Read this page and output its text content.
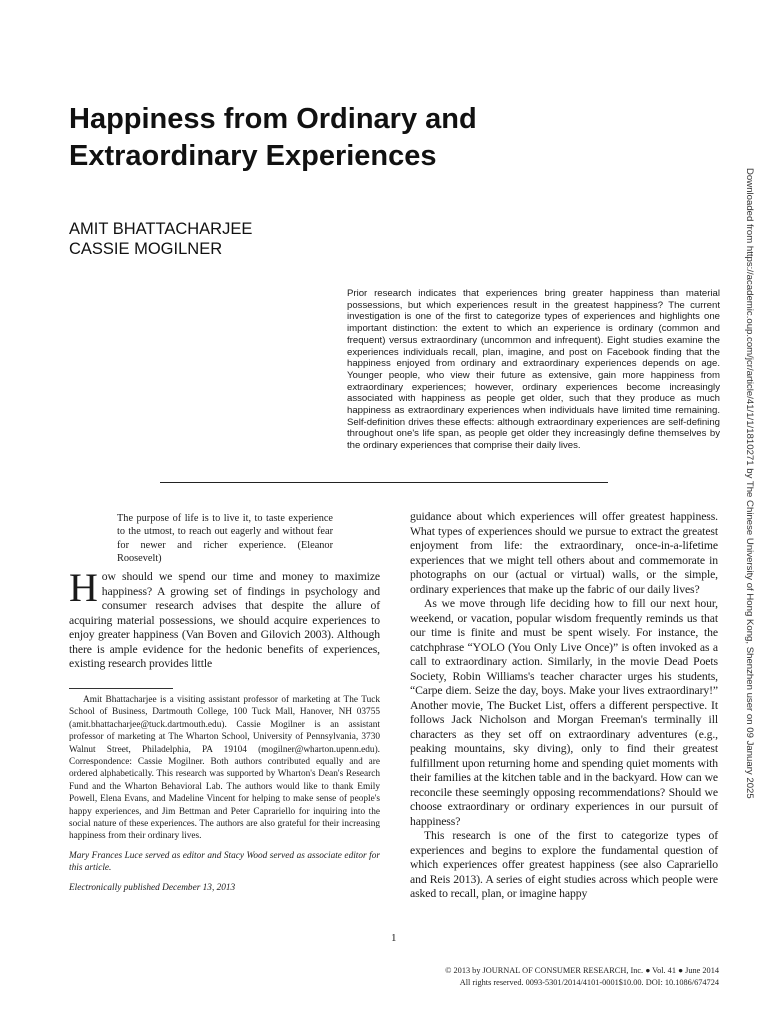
Happiness from Ordinary and
Extraordinary Experiences
AMIT BHATTACHARJEE
CASSIE MOGILNER

Prior research indicates that experiences bring greater happiness than material possessions, but which experiences result in the greatest happiness? The current investigation is one of the first to categorize types of experiences and highlights one important distinction: the extent to which an experience is ordinary (common and frequent) versus extraordinary (uncommon and infrequent). Eight studies examine the experiences individuals recall, plan, imagine, and post on Facebook finding that the happiness enjoyed from ordinary and extraordinary experiences depends on age. Younger people, who view their future as extensive, gain more happiness from extraordinary experiences; however, ordinary experiences become increasingly associated with happiness as people get older, such that they produce as much happiness as extraordinary experiences when individuals have limited time remaining. Self-definition drives these effects: although extraordinary experiences are self-defining throughout one's life span, as people get older they increasingly define themselves by the ordinary experiences that comprise their daily lives.

The purpose of life is to live it, to taste experience to the utmost, to reach out eagerly and without fear for newer and richer experience. (Eleanor Roosevelt)

How should we spend our time and money to maximize happiness? A growing set of findings in psychology and consumer research advises that despite the allure of acquiring material possessions, we should acquire experiences to enjoy greater happiness (Van Boven and Gilovich 2003). Although there is ample evidence for the hedonic benefits of experiences, existing research provides little

Amit Bhattacharjee is a visiting assistant professor of marketing at The Tuck School of Business, Dartmouth College, 100 Tuck Mall, Hanover, NH 03755 (amit.bhattacharjee@tuck.dartmouth.edu). Cassie Mogilner is an assistant professor of marketing at The Wharton School, University of Pennsylvania, 3730 Walnut Street, Philadelphia, PA 19104 (mogilner@wharton.upenn.edu). Correspondence: Cassie Mogilner. Both authors contributed equally and are ordered alphabetically. This research was supported by Wharton's Dean's Research Fund and the Wharton Behavioral Lab. The authors would like to thank Emily Powell, Elena Evans, and Madeline Vincent for helping to make sense of people's happy experiences, and Jim Bettman and Peter Caprariello for inquiring into the social nature of these experiences. The authors are also grateful for their increasing happiness from their ordinary lives.

Mary Frances Luce served as editor and Stacy Wood served as associate editor for this article.

Electronically published December 13, 2013

guidance about which experiences will offer greatest happiness. What types of experiences should we pursue to extract the greatest enjoyment from life: the extraordinary, once-in-a-lifetime experiences that we might tell others about and commemorate in photographs on our (actual or virtual) walls, or the simple, ordinary experiences that make up the fabric of our daily lives?

As we move through life deciding how to fill our next hour, weekend, or vacation, popular wisdom frequently reminds us that our time is finite and must be spent wisely. For instance, the catchphrase “YOLO (You Only Live Once)” is often invoked as a call to extraordinary action. Similarly, in the movie Dead Poets Society, Robin Williams's teacher character urges his students, “Carpe diem. Seize the day, boys. Make your lives extraordinary!” Another movie, The Bucket List, offers a different perspective. It follows Jack Nicholson and Morgan Freeman's terminally ill characters as they set off on extraordinary adventures (e.g., peaking mountains, sky diving), only to find their greatest fulfillment upon returning home and spending quiet moments with their families at the kitchen table and in the backyard. How can we reconcile these seemingly opposing recommendations? Should we choose extraordinary or ordinary experiences in our pursuit of happiness?

This research is one of the first to categorize types of experiences and begins to explore the fundamental question of which experiences offer greatest happiness (see also Caprariello and Reis 2013). A series of eight studies across which people were asked to recall, plan, or imagine happy

1
© 2013 by JOURNAL OF CONSUMER RESEARCH, Inc. ● Vol. 41 ● June 2014
All rights reserved. 0093-5301/2014/4101-0001$10.00. DOI: 10.1086/674724
Downloaded from https://academic.oup.com/jcr/article/41/1/1/1810271 by The Chinese University of Hong Kong, Shenzhen user on 09 January 2025
